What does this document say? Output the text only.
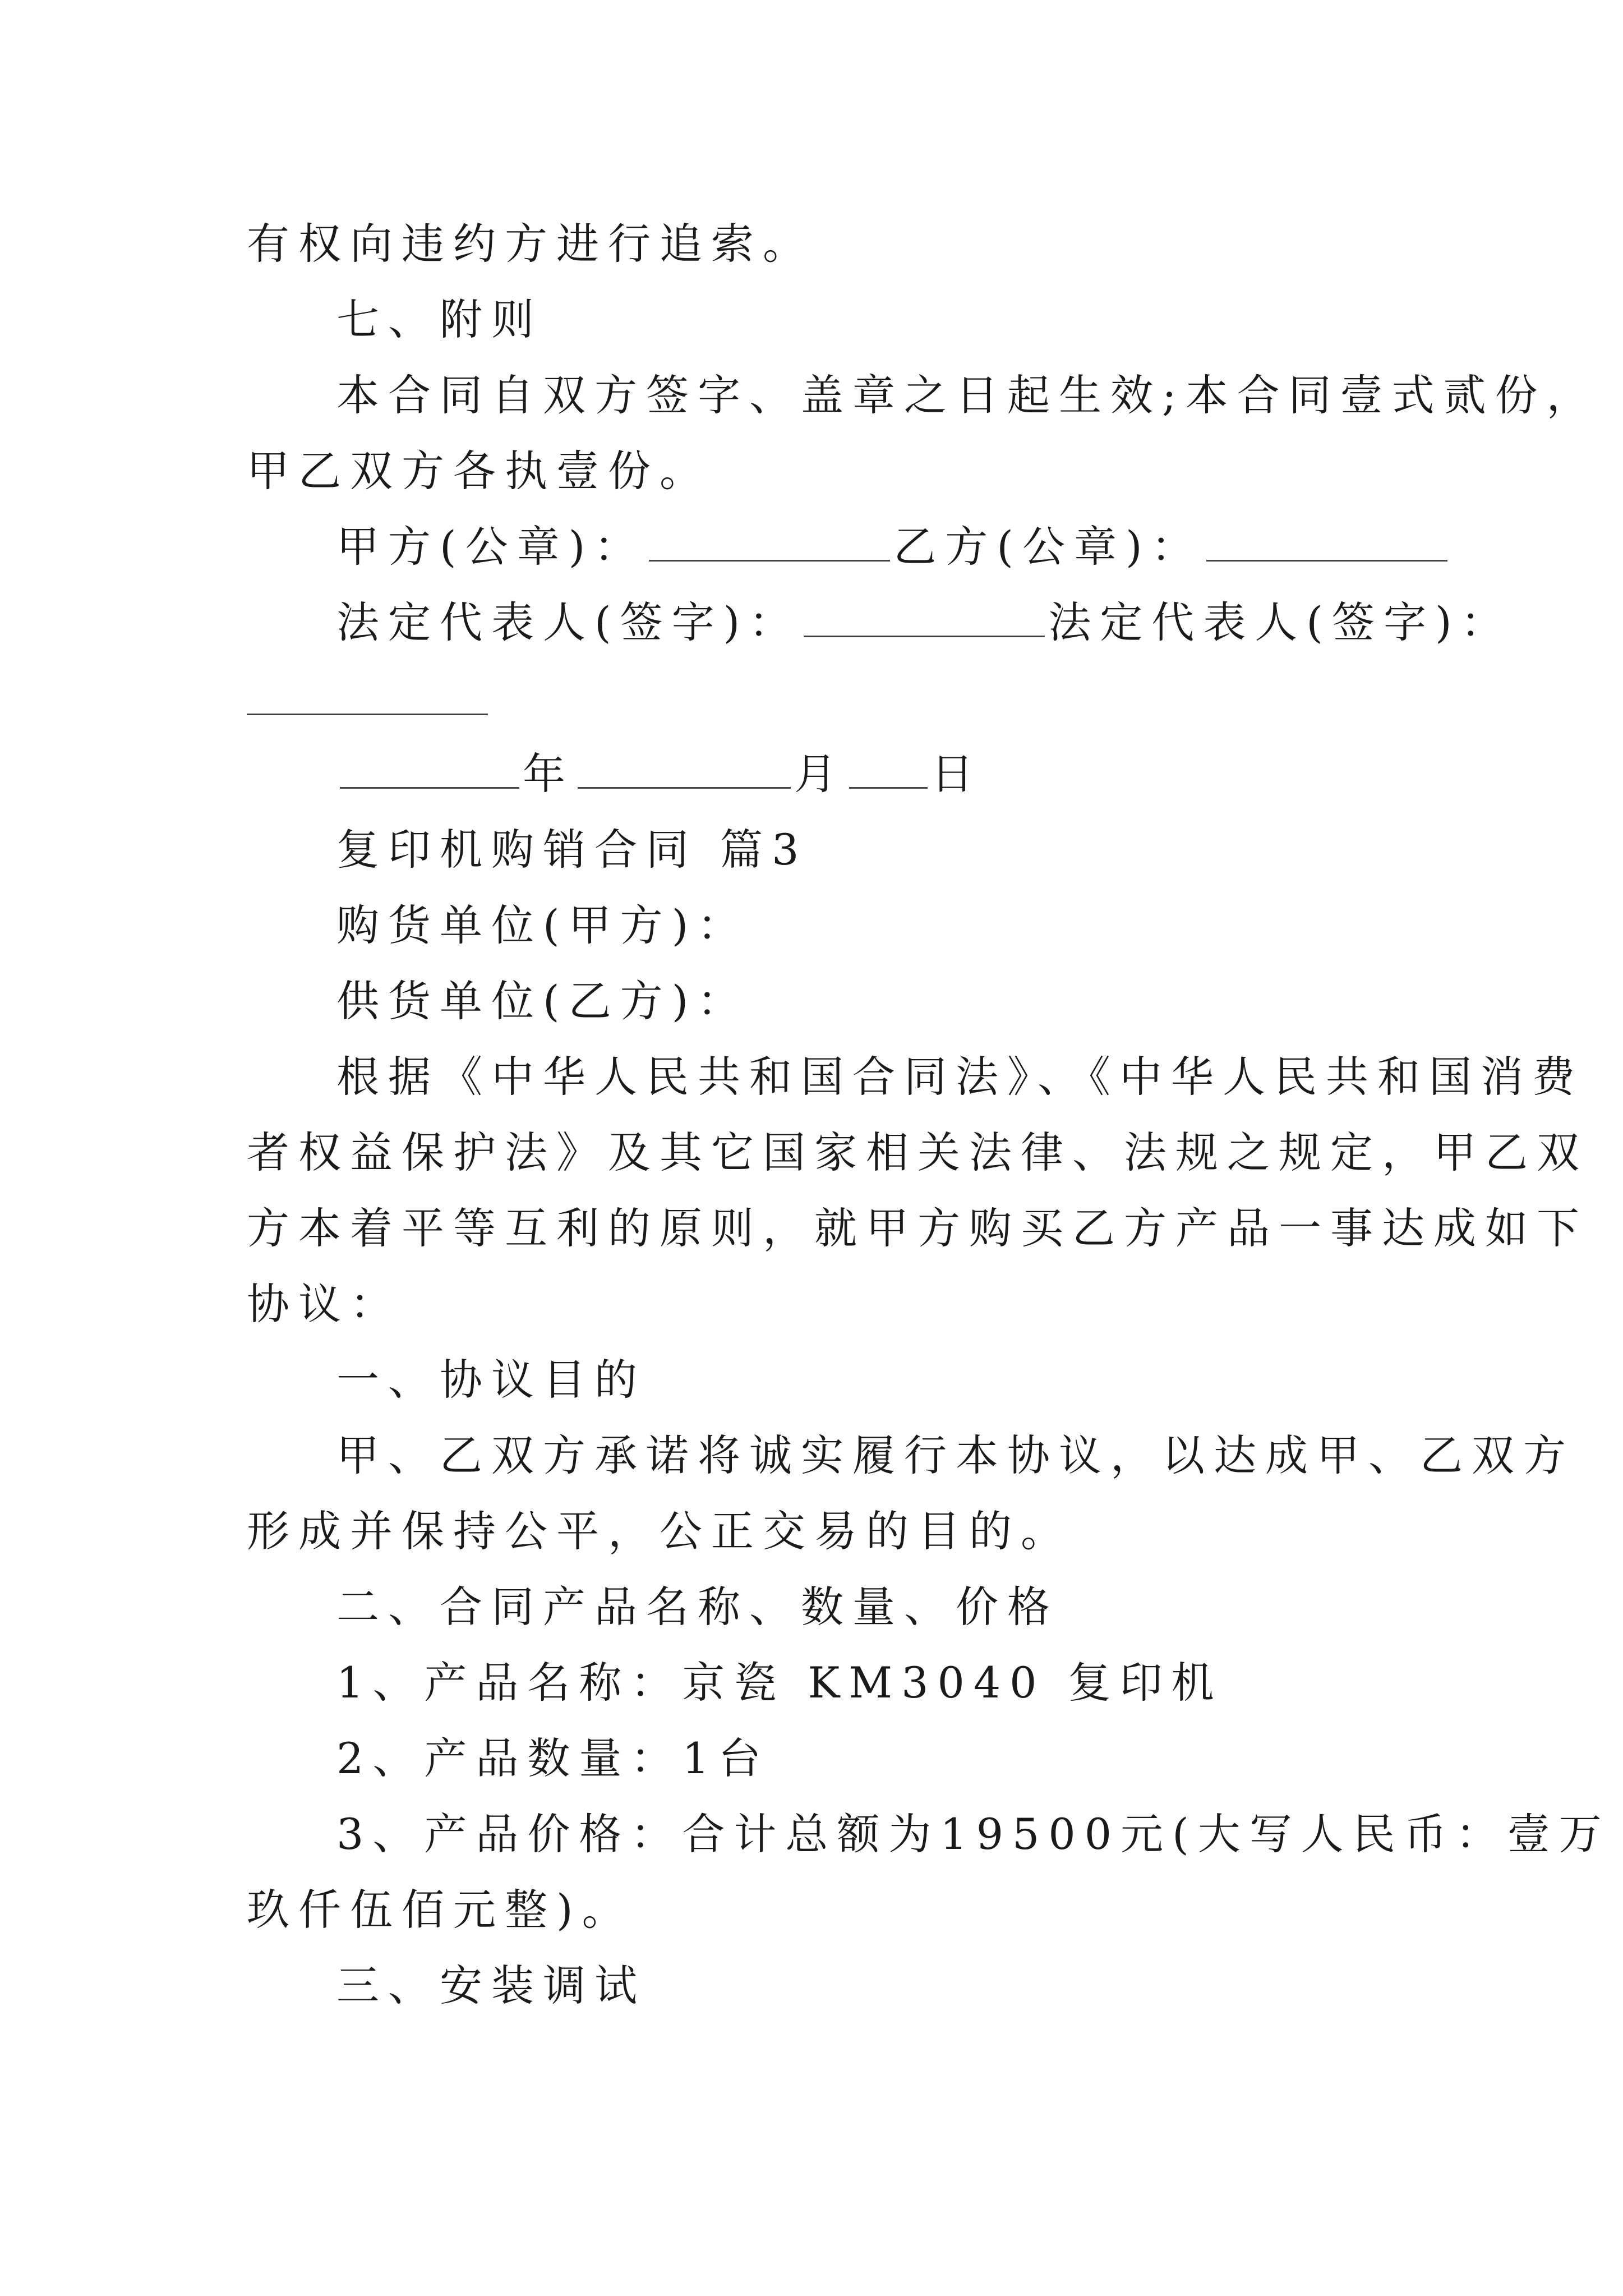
有权向违约方进行追索。
七、附则
本合同自双方签字、盖章之日起生效;本合同壹式贰份，
甲乙双方各执壹份。
甲方(公章)：	乙方(公章)：
法定代表人(签字)：	法定代表人(签字)：
年	月 日
复印机购销合同 篇3
购货单位(甲方)：
供货单位(乙方)：
根据《中华人民共和国合同法》、《中华人民共和国消费
者权益保护法》及其它国家相关法律、法规之规定，甲乙双
方本着平等互利的原则，就甲方购买乙方产品一事达成如下
协议：
一、协议目的
甲、乙双方承诺将诚实履行本协议，以达成甲、乙双方
形成并保持公平，公正交易的目的。
二、合同产品名称、数量、价格
1、产品名称：京瓷 KM3040 复印机
2、产品数量：1台
3、产品价格：合计总额为19500元(大写人民币：壹万
玖仟伍佰元整)。
三、安装调试
